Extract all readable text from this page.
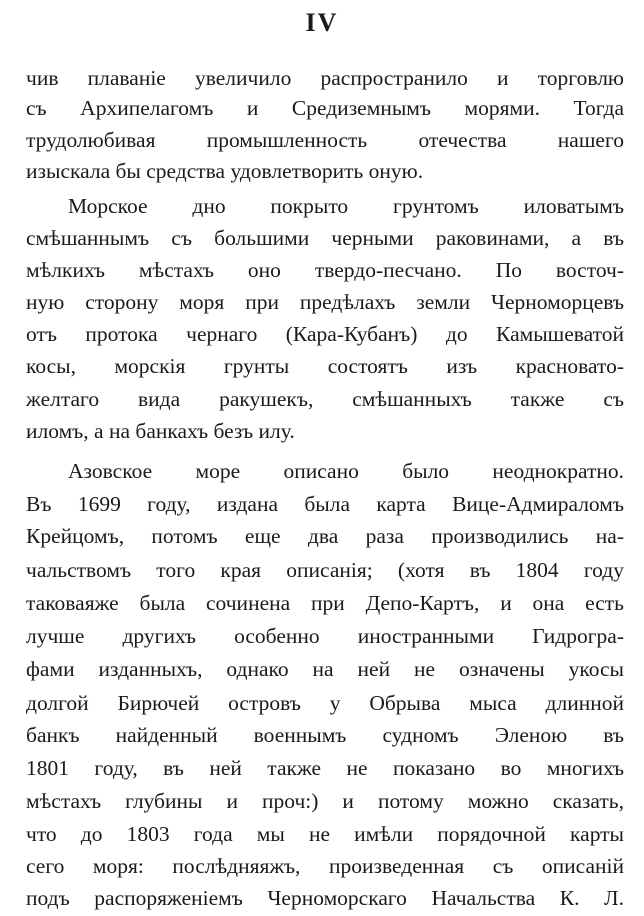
IV
чив плаванiе увеличило распространило и торговлю
съ Архипелагомъ и Средиземнымъ морями. Тогда
трудолюбивая промышленность отечества нашего
изыскала бы средства удовлетворить оную.
Морское дно покрыто грунтомъ иловатымъ
смѣшаннымъ съ большими черными раковинами, а въ
мѣлкихъ мѣстахъ оно твердо-песчано. По восточ-
ную сторону моря при предѣлахъ земли Черноморцевъ
отъ протока чернаго (Кара-Кубанъ) до Камышеватой
косы, морскiя грунты состоятъ изъ красновато-
желтаго вида ракушекъ, смѣшанныхъ также съ
иломъ, а на банкахъ безъ илу.
Азовское море описано было неоднократно.
Въ 1699 году, издана была карта Вице-Адмираломъ
Крейцомъ, потомъ еще два раза производились на-
чальствомъ того края описанiя; (хотя въ 1804 году
таковаяже была сочинена при Депо-Картъ, и она есть
лучше другихъ особенно иностранными Гидрогра-
фами изданныхъ, однако на ней не означены укосы
долгой Бирючей островъ у Обрыва мыса длинной
банкъ найденный военнымъ судномъ Эленою въ
1801 году, въ ней также не показано во многихъ
мѣстахъ глубины и проч:) и потому можно сказать,
что до 1803 года мы не имѣли порядочной карты
сего моря: послѣдняяжъ, произведенная съ описанiй
подъ распоряженiемъ Черноморскаго Начальства К. Л.
